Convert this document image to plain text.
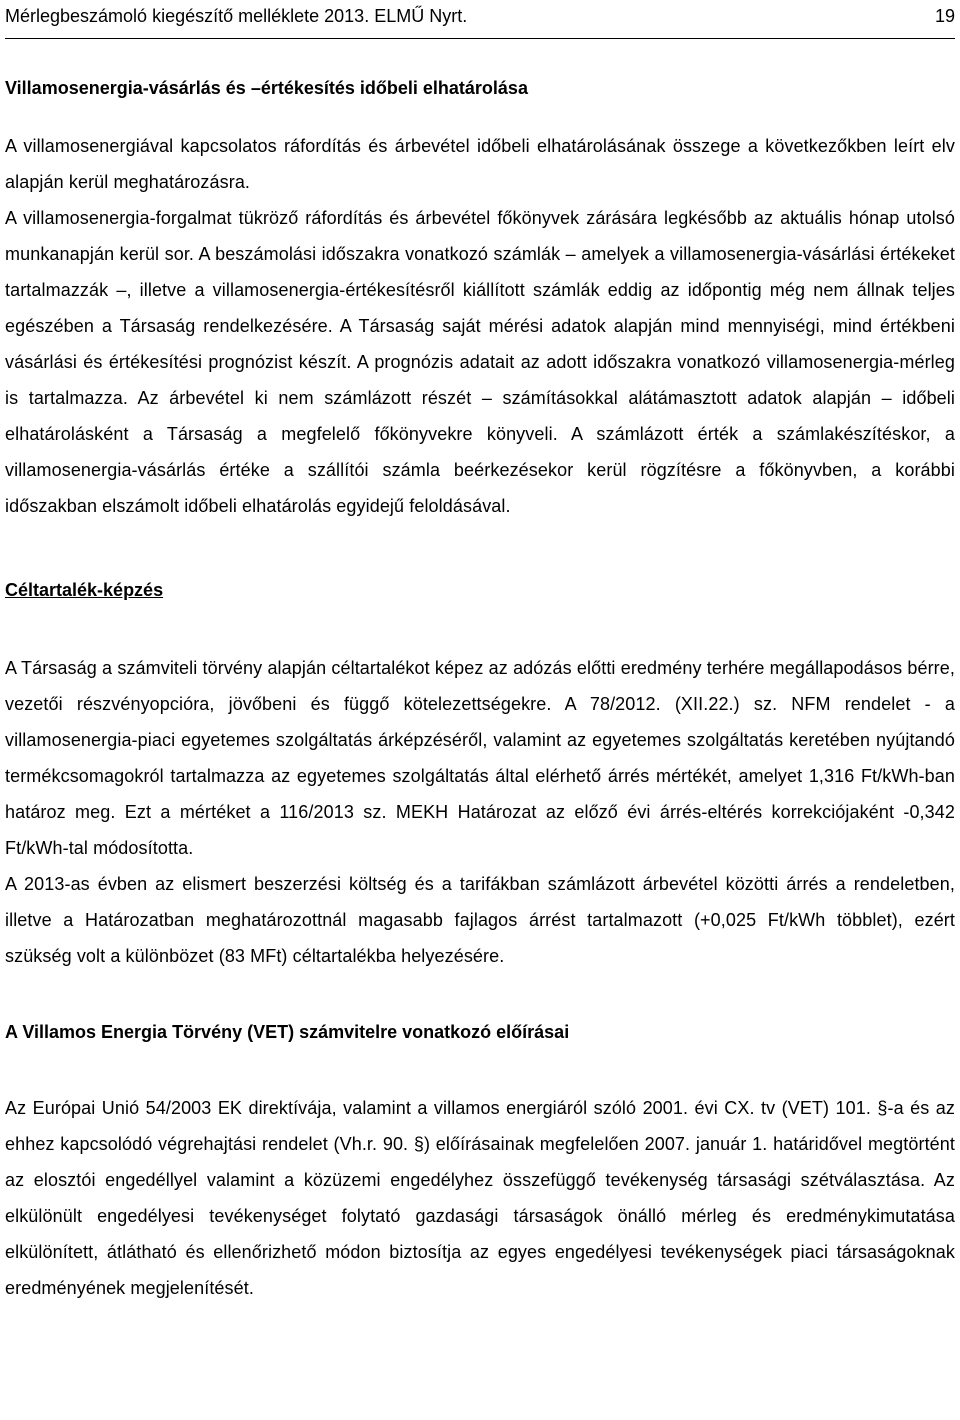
Mérlegbeszámoló kiegészítő melléklete 2013. ELMŰ Nyrt.	19
Villamosenergia-vásárlás és –értékesítés időbeli elhatárolása

A villamosenergiával kapcsolatos ráfordítás és árbevétel időbeli elhatárolásának összege a következőkben leírt elv alapján kerül meghatározásra.

A villamosenergia-forgalmat tükröző ráfordítás és árbevétel főkönyvek zárására legkésőbb az aktuális hónap utolsó munkanapján kerül sor. A beszámolási időszakra vonatkozó számlák – amelyek a villamosenergia-vásárlási értékeket tartalmazzák –, illetve a villamosenergia-értékesítésről kiállított számlák eddig az időpontig még nem állnak teljes egészében a Társaság rendelkezésére. A Társaság saját mérési adatok alapján mind mennyiségi, mind értékbeni vásárlási és értékesítési prognózist készít. A prognózis adatait az adott időszakra vonatkozó villamosenergia-mérleg is tartalmazza. Az árbevétel ki nem számlázott részét – számításokkal alátámasztott adatok alapján – időbeli elhatárolásként a Társaság a megfelelő főkönyvekre könyveli. A számlázott érték a számlakészítéskor, a villamosenergia-vásárlás értéke a szállítói számla beérkezésekor kerül rögzítésre a főkönyvben, a korábbi időszakban elszámolt időbeli elhatárolás egyidejű feloldásával.

Céltartalék-képzés

A Társaság a számviteli törvény alapján céltartalékot képez az adózás előtti eredmény terhére megállapodásos bérre, vezetői részvényopcióra, jövőbeni és függő kötelezettségekre. A 78/2012. (XII.22.) sz. NFM rendelet - a villamosenergia-piaci egyetemes szolgáltatás árképzéséről, valamint az egyetemes szolgáltatás keretében nyújtandó termékcsomagokról tartalmazza az egyetemes szolgáltatás által elérhető árrés mértékét, amelyet 1,316 Ft/kWh-ban határoz meg. Ezt a mértéket a 116/2013 sz. MEKH Határozat az előző évi árrés-eltérés korrekciójaként -0,342 Ft/kWh-tal módosította.

A 2013-as évben az elismert beszerzési költség és a tarifákban számlázott árbevétel közötti árrés a rendeletben, illetve a Határozatban meghatározottnál magasabb fajlagos árrést tartalmazott (+0,025 Ft/kWh többlet), ezért szükség volt a különbözet (83 MFt) céltartalékba helyezésére.

A Villamos Energia Törvény (VET) számvitelre vonatkozó előírásai

Az Európai Unió 54/2003 EK direktívája, valamint a villamos energiáról szóló 2001. évi CX. tv (VET) 101. §-a és az ehhez kapcsolódó végrehajtási rendelet (Vh.r. 90. §) előírásainak megfelelően 2007. január 1. határidővel megtörtént az elosztói engedéllyel valamint a közüzemi engedélyhez összefüggő tevékenység társasági szétválasztása. Az elkülönült engedélyesi tevékenységet folytató gazdasági társaságok önálló mérleg és eredménykimutatása elkülönített, átlátható és ellenőrizhető módon biztosítja az egyes engedélyesi tevékenységek piaci társaságoknak eredményének megjelenítését.
